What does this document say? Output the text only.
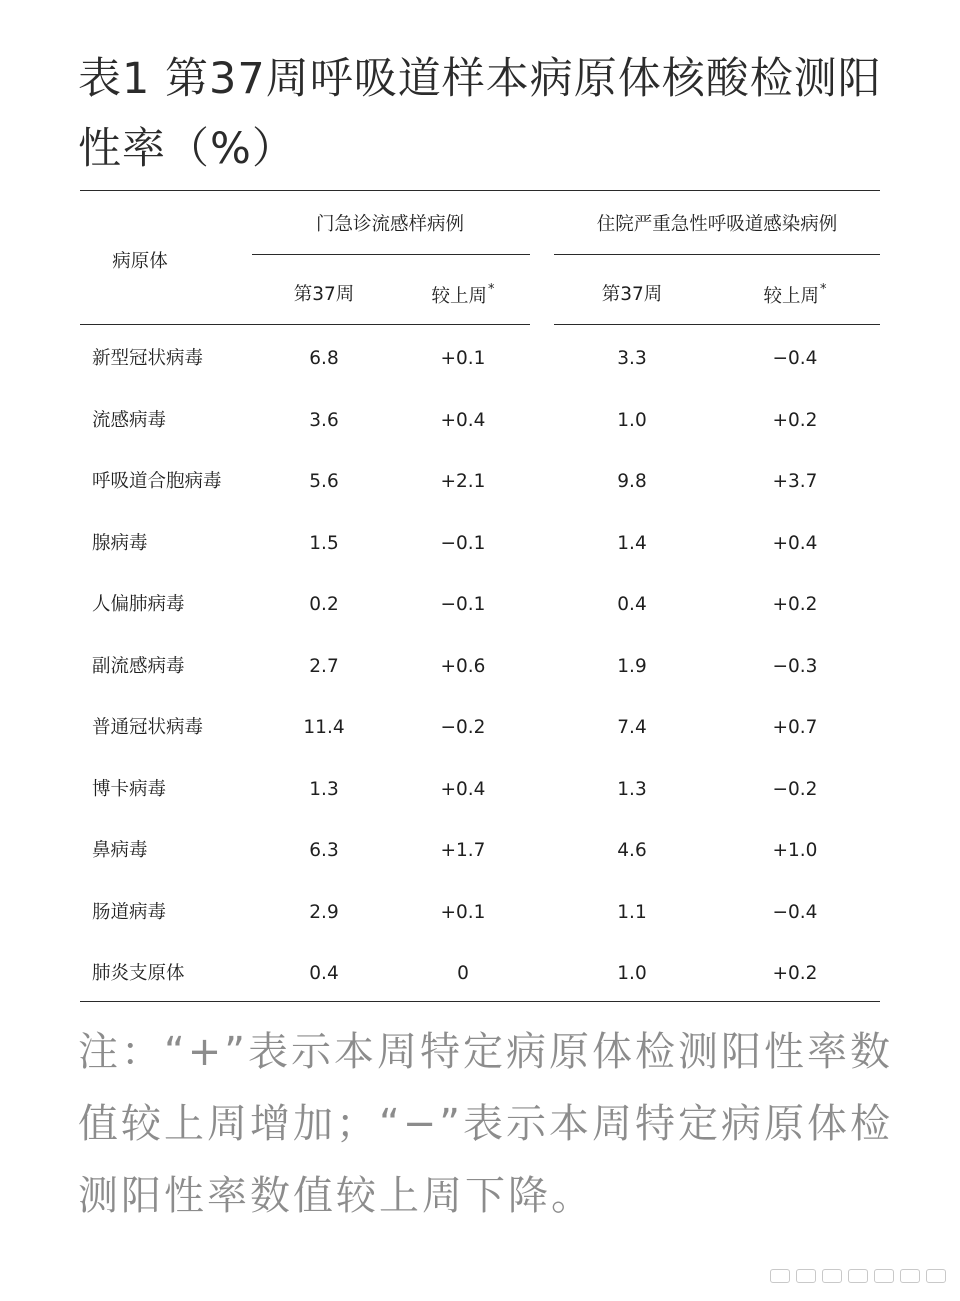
表1 第37周呼吸道样本病原体核酸检测阳性率（%）
病原体
门急诊流感样病例	住院严重急性呼吸道感染病例
第37周	较上周*	第37周	较上周*
新型冠状病毒	6.8	+0.1	3.3	−0.4
流感病毒	3.6	+0.4	1.0	+0.2
呼吸道合胞病毒	5.6	+2.1	9.8	+3.7
腺病毒	1.5	−0.1	1.4	+0.4
人偏肺病毒	0.2	−0.1	0.4	+0.2
副流感病毒	2.7	+0.6	1.9	−0.3
普通冠状病毒	11.4	−0.2	7.4	+0.7
博卡病毒	1.3	+0.4	1.3	−0.2
鼻病毒	6.3	+1.7	4.6	+1.0
肠道病毒	2.9	+0.1	1.1	−0.4
肺炎支原体	0.4	0	1.0	+0.2

注：“+”表示本周特定病原体检测阳性率数值较上周增加；“−”表示本周特定病原体检测阳性率数值较上周下降。
